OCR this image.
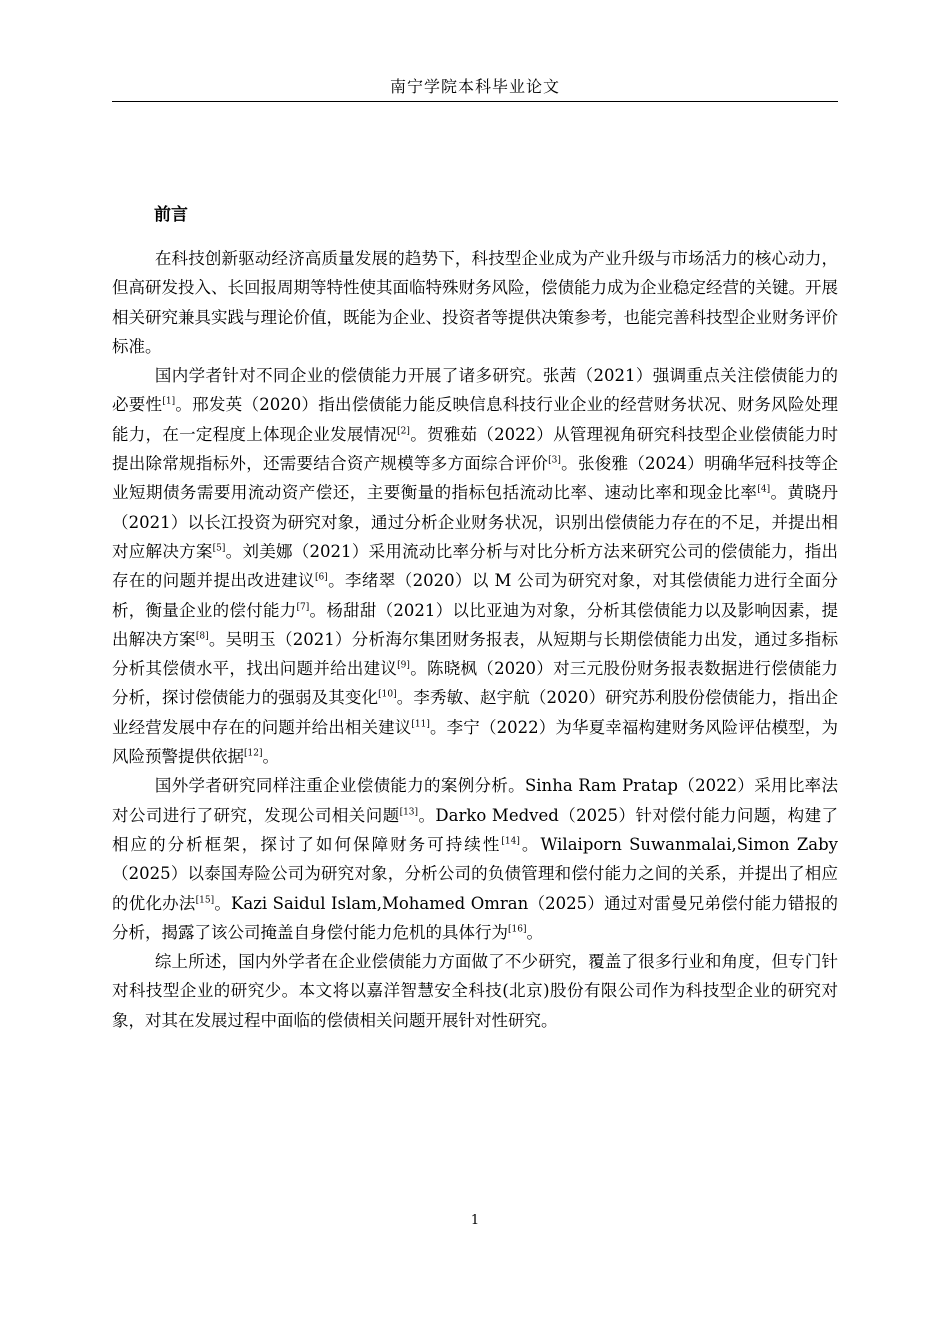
南宁学院本科毕业论文
前言

在科技创新驱动经济高质量发展的趋势下，科技型企业成为产业升级与市场活力的核心动力，但高研发投入、长回报周期等特性使其面临特殊财务风险，偿债能力成为企业稳定经营的关键。开展相关研究兼具实践与理论价值，既能为企业、投资者等提供决策参考，也能完善科技型企业财务评价标准。

国内学者针对不同企业的偿债能力开展了诸多研究。张茜（2021）强调重点关注偿债能力的必要性[1]。邢发英（2020）指出偿债能力能反映信息科技行业企业的经营财务状况、财务风险处理能力，在一定程度上体现企业发展情况[2]。贺雅茹（2022）从管理视角研究科技型企业偿债能力时提出除常规指标外，还需要结合资产规模等多方面综合评价[3]。张俊雅（2024）明确华冠科技等企业短期债务需要用流动资产偿还，主要衡量的指标包括流动比率、速动比率和现金比率[4]。黄晓丹（2021）以长江投资为研究对象，通过分析企业财务状况，识别出偿债能力存在的不足，并提出相对应解决方案[5]。刘美娜（2021）采用流动比率分析与对比分析方法来研究公司的偿债能力，指出存在的问题并提出改进建议[6]。李绪翠（2020）以 M 公司为研究对象，对其偿债能力进行全面分析，衡量企业的偿付能力[7]。杨甜甜（2021）以比亚迪为对象，分析其偿债能力以及影响因素，提出解决方案[8]。吴明玉（2021）分析海尔集团财务报表，从短期与长期偿债能力出发，通过多指标分析其偿债水平，找出问题并给出建议[9]。陈晓枫（2020）对三元股份财务报表数据进行偿债能力分析，探讨偿债能力的强弱及其变化[10]。李秀敏、赵宇航（2020）研究苏利股份偿债能力，指出企业经营发展中存在的问题并给出相关建议[11]。李宁（2022）为华夏幸福构建财务风险评估模型，为风险预警提供依据[12]。

国外学者研究同样注重企业偿债能力的案例分析。Sinha Ram Pratap（2022）采用比率法对公司进行了研究，发现公司相关问题[13]。Darko Medved（2025）针对偿付能力问题，构建了相应的分析框架，探讨了如何保障财务可持续性[14]。Wilaiporn Suwanmalai,Simon Zaby（2025）以泰国寿险公司为研究对象，分析公司的负债管理和偿付能力之间的关系，并提出了相应的优化办法[15]。Kazi Saidul Islam,Mohamed Omran（2025）通过对雷曼兄弟偿付能力错报的分析，揭露了该公司掩盖自身偿付能力危机的具体行为[16]。

综上所述，国内外学者在企业偿债能力方面做了不少研究，覆盖了很多行业和角度，但专门针对科技型企业的研究少。本文将以嘉洋智慧安全科技(北京)股份有限公司作为科技型企业的研究对象，对其在发展过程中面临的偿债相关问题开展针对性研究。

1
